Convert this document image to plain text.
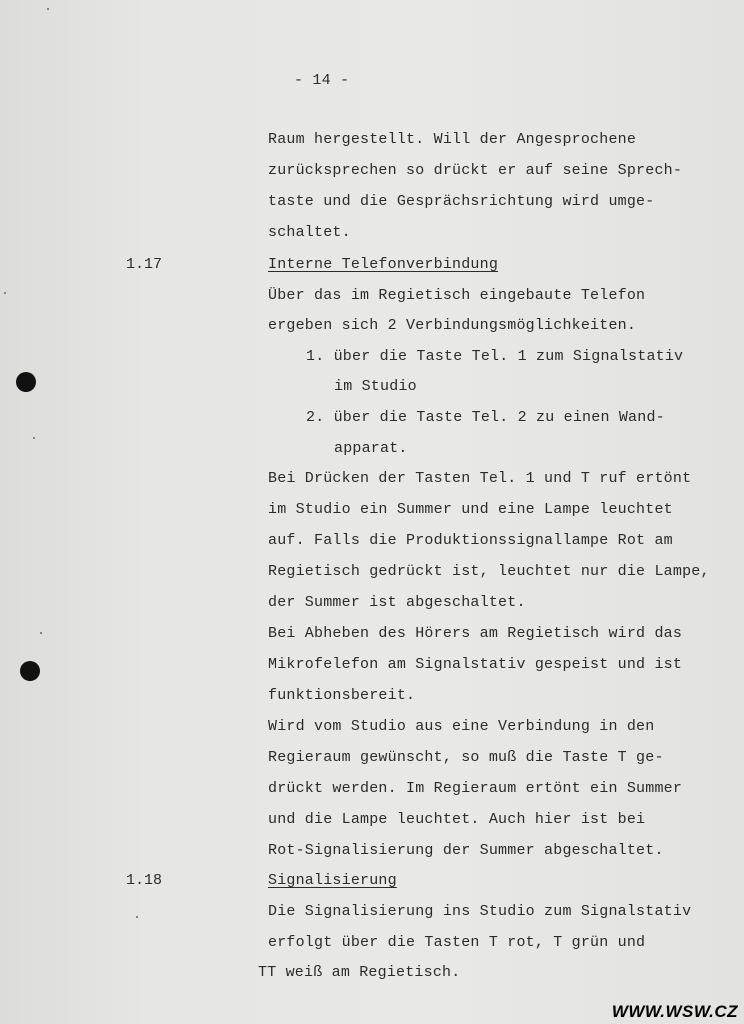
- 14 -
Raum hergestellt. Will der Angesprochene
zurücksprechen so drückt er auf seine Sprech-
taste und die Gesprächsrichtung wird umge-
schaltet.
1.17	Interne Telefonverbindung
Über das im Regietisch eingebaute Telefon
ergeben sich 2 Verbindungsmöglichkeiten.
1. über die Taste Tel. 1 zum Signalstativ
im Studio
2. über die Taste Tel. 2 zu einen Wand-
apparat.
Bei Drücken der Tasten Tel. 1 und T ruf ertönt
im Studio ein Summer und eine Lampe leuchtet
auf. Falls die Produktionssignallampe Rot am
Regietisch gedrückt ist, leuchtet nur die Lampe,
der Summer ist abgeschaltet.
Bei Abheben des Hörers am Regietisch wird das
Mikrofelefon am Signalstativ gespeist und ist
funktionsbereit.
Wird vom Studio aus eine Verbindung in den
Regieraum gewünscht, so muß die Taste T ge-
drückt werden. Im Regieraum ertönt ein Summer
und die Lampe leuchtet. Auch hier ist bei
Rot-Signalisierung der Summer abgeschaltet.
1.18	Signalisierung
Die Signalisierung ins Studio zum Signalstativ
erfolgt über die Tasten T rot, T grün und
TT weiß am Regietisch.
WWW.WSW.CZ
